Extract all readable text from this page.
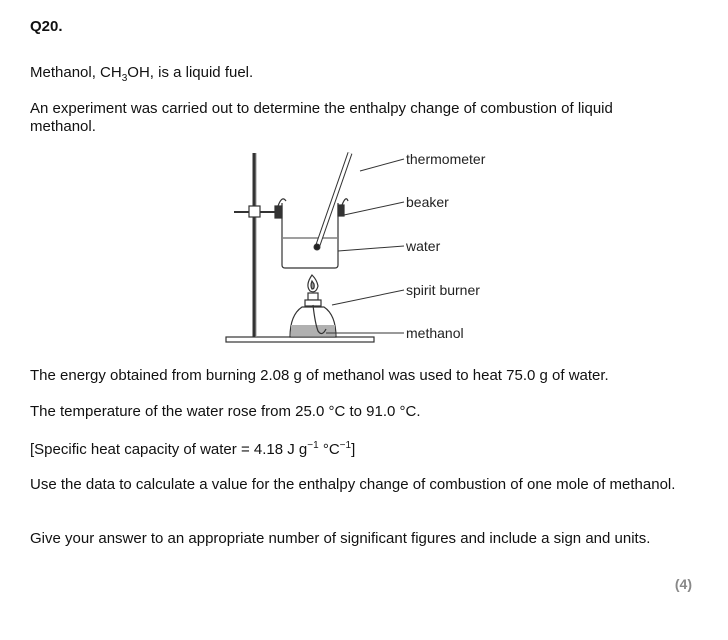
Q20.

Methanol, $CH_3OH$, is a liquid fuel.

An experiment was carried out to determine the enthalpy change of combustion of liquid methanol.

thermometer
beaker
water
spirit burner
methanol

The energy obtained from burning 2.08 g of methanol was used to heat 75.0 g of water.

The temperature of the water rose from 25.0 °C to 91.0 °C.

[Specific heat capacity of water = 4.18 J $g^{-1}$ $^\circ C^{-1}$]

Use the data to calculate a value for the enthalpy change of combustion of one mole of methanol.

Give your answer to an appropriate number of significant figures and include a sign and units.

(4)
